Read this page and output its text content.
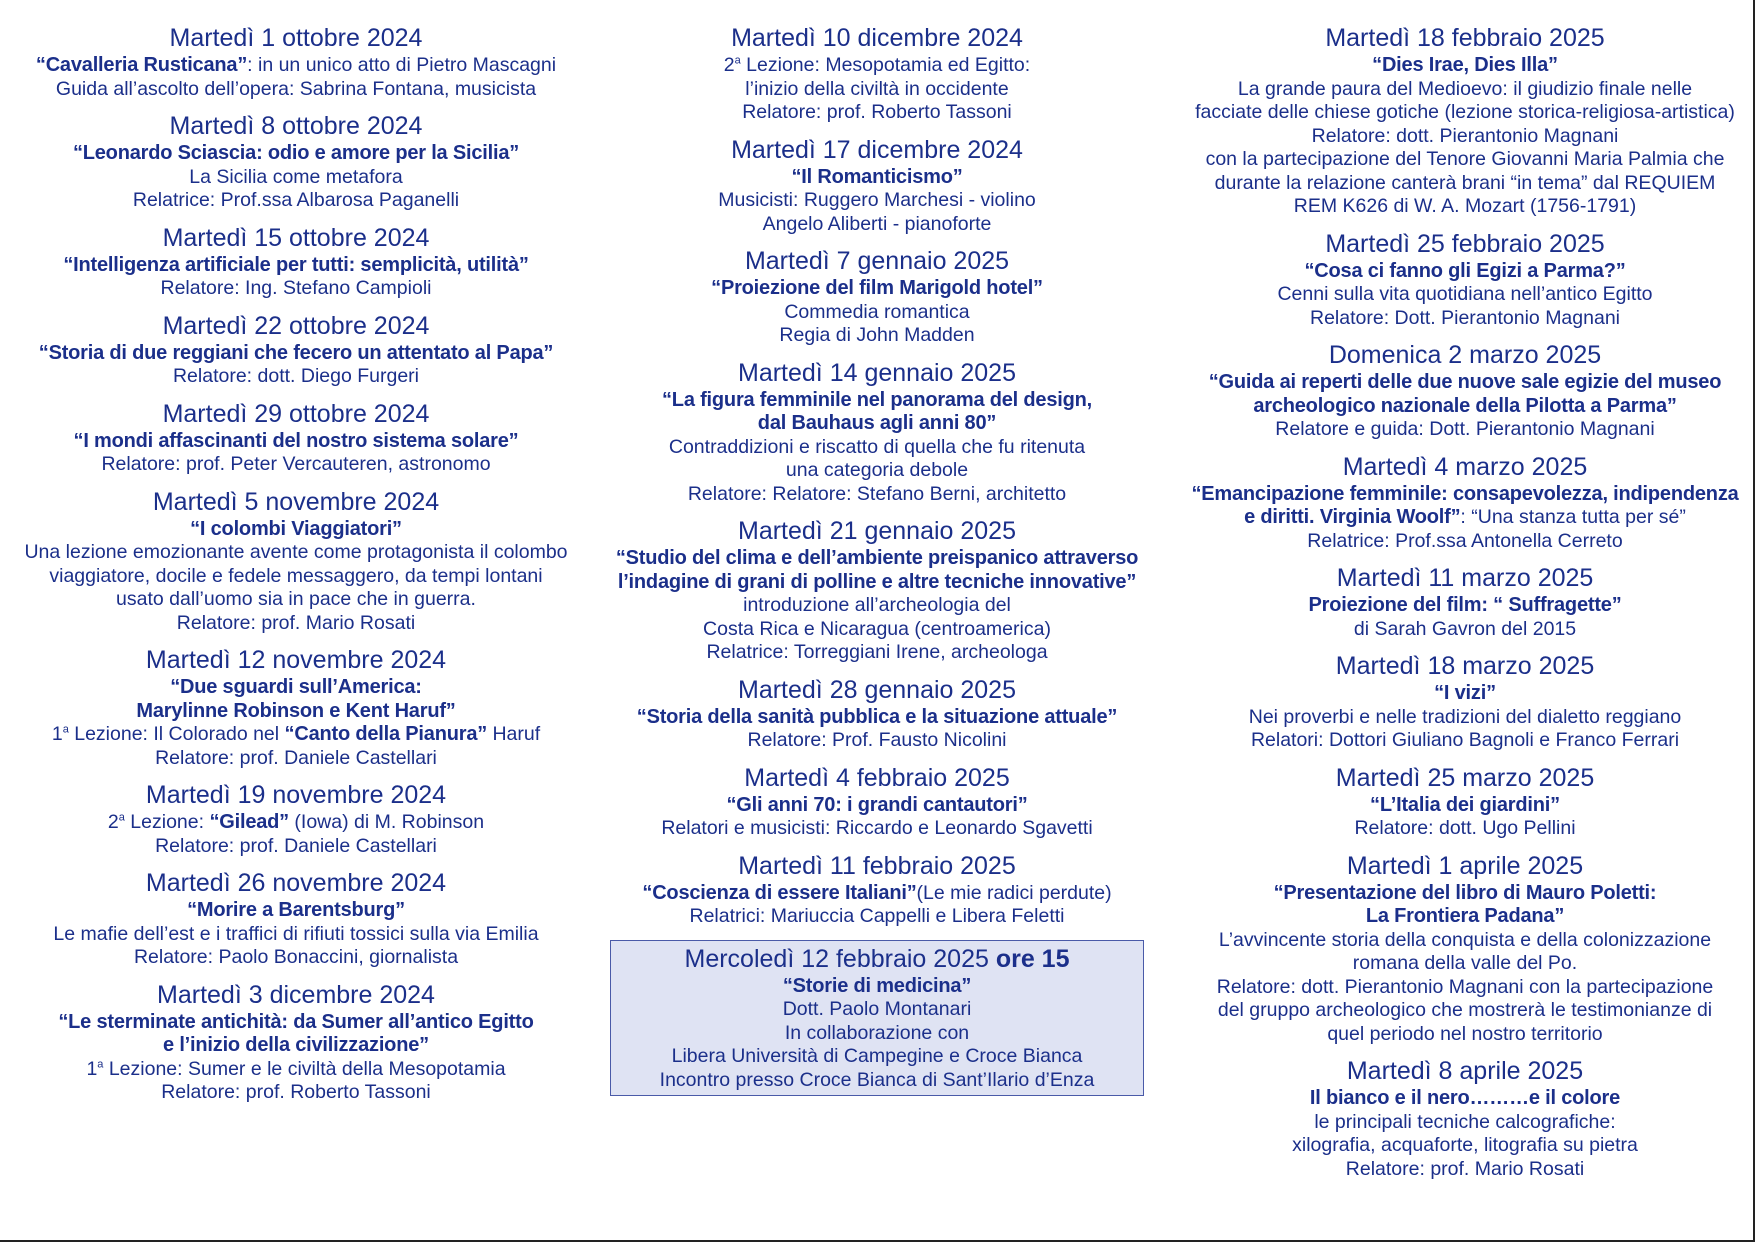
Martedì 1 ottobre 2024
“Cavalleria Rusticana”: in un unico atto di Pietro Mascagni
Guida all’ascolto dell’opera: Sabrina Fontana, musicista
Martedì 8 ottobre 2024
“Leonardo Sciascia: odio e amore per la Sicilia”
La Sicilia come metafora
Relatrice: Prof.ssa Albarosa Paganelli
Martedì 15 ottobre 2024
“Intelligenza artificiale per tutti: semplicità, utilità”
Relatore: Ing. Stefano Campioli
Martedì 22 ottobre 2024
“Storia di due reggiani che fecero un attentato al Papa”
Relatore: dott. Diego Furgeri
Martedì 29 ottobre 2024
“I mondi affascinanti del nostro sistema solare”
Relatore: prof. Peter Vercauteren, astronomo
Martedì 5 novembre 2024
“I colombi Viaggiatori”
Una lezione emozionante avente come protagonista il colombo
viaggiatore, docile e fedele messaggero, da tempi lontani
usato dall’uomo sia in pace che in guerra.
Relatore: prof. Mario Rosati
Martedì 12 novembre 2024
“Due sguardi sull’America:
Marylinne Robinson e Kent Haruf”
1$^a$ Lezione: Il Colorado nel “Canto della Pianura” Haruf
Relatore: prof. Daniele Castellari
Martedì 19 novembre 2024
2$^a$ Lezione: “Gilead” (Iowa) di M. Robinson
Relatore: prof. Daniele Castellari
Martedì 26 novembre 2024
“Morire a Barentsburg”
Le mafie dell’est e i traffici di rifiuti tossici sulla via Emilia
Relatore: Paolo Bonaccini, giornalista
Martedì 3 dicembre 2024
“Le sterminate antichità: da Sumer all’antico Egitto
e l’inizio della civilizzazione”
1$^a$ Lezione: Sumer e le civiltà della Mesopotamia
Relatore: prof. Roberto Tassoni
Martedì 10 dicembre 2024
2$^a$ Lezione: Mesopotamia ed Egitto:
l’inizio della civiltà in occidente
Relatore: prof. Roberto Tassoni
Martedì 17 dicembre 2024
“Il Romanticismo”
Musicisti: Ruggero Marchesi - violino
Angelo Aliberti - pianoforte
Martedì 7 gennaio 2025
“Proiezione del film Marigold hotel”
Commedia romantica
Regia di John Madden
Martedì 14 gennaio 2025
“La figura femminile nel panorama del design,
dal Bauhaus agli anni 80”
Contraddizioni e riscatto di quella che fu ritenuta
una categoria debole
Relatore: Relatore: Stefano Berni, architetto
Martedì 21 gennaio 2025
“Studio del clima e dell’ambiente preispanico attraverso
l’indagine di grani di polline e altre tecniche innovative”
introduzione all’archeologia del
Costa Rica e Nicaragua (centroamerica)
Relatrice: Torreggiani Irene, archeologa
Martedì 28 gennaio 2025
“Storia della sanità pubblica e la situazione attuale”
Relatore: Prof. Fausto Nicolini
Martedì 4 febbraio 2025
“Gli anni 70: i grandi cantautori”
Relatori e musicisti: Riccardo e Leonardo Sgavetti
Martedì 11 febbraio 2025
“Coscienza di essere Italiani”(Le mie radici perdute)
Relatrici: Mariuccia Cappelli e Libera Feletti
Mercoledì 12 febbraio 2025 ore 15
“Storie di medicina”
Dott. Paolo Montanari
In collaborazione con
Libera Università di Campegine e Croce Bianca
Incontro presso Croce Bianca di Sant’Ilario d’Enza
Martedì 18 febbraio 2025
“Dies Irae, Dies Illa”
La grande paura del Medioevo: il giudizio finale nelle
facciate delle chiese gotiche (lezione storica-religiosa-artistica)
Relatore: dott. Pierantonio Magnani
con la partecipazione del Tenore Giovanni Maria Palmia che
durante la relazione canterà brani “in tema” dal REQUIEM
REM K626 di W. A. Mozart (1756-1791)
Martedì 25 febbraio 2025
“Cosa ci fanno gli Egizi a Parma?”
Cenni sulla vita quotidiana nell’antico Egitto
Relatore: Dott. Pierantonio Magnani
Domenica 2 marzo 2025
“Guida ai reperti delle due nuove sale egizie del museo
archeologico nazionale della Pilotta a Parma”
Relatore e guida: Dott. Pierantonio Magnani
Martedì 4 marzo 2025
“Emancipazione femminile: consapevolezza, indipendenza
e diritti. Virginia Woolf”: “Una stanza tutta per sé”
Relatrice: Prof.ssa Antonella Cerreto
Martedì 11 marzo 2025
Proiezione del film: “ Suffragette”
di Sarah Gavron del 2015
Martedì 18 marzo 2025
“I vizi”
Nei proverbi e nelle tradizioni del dialetto reggiano
Relatori: Dottori Giuliano Bagnoli e Franco Ferrari
Martedì 25 marzo 2025
“L’Italia dei giardini”
Relatore: dott. Ugo Pellini
Martedì 1 aprile 2025
“Presentazione del libro di Mauro Poletti:
La Frontiera Padana”
L’avvincente storia della conquista e della colonizzazione
romana della valle del Po.
Relatore: dott. Pierantonio Magnani con la partecipazione
del gruppo archeologico che mostrerà le testimonianze di
quel periodo nel nostro territorio
Martedì 8 aprile 2025
Il bianco e il nero………e il colore
le principali tecniche calcografiche:
xilografia, acquaforte, litografia su pietra
Relatore: prof. Mario Rosati
